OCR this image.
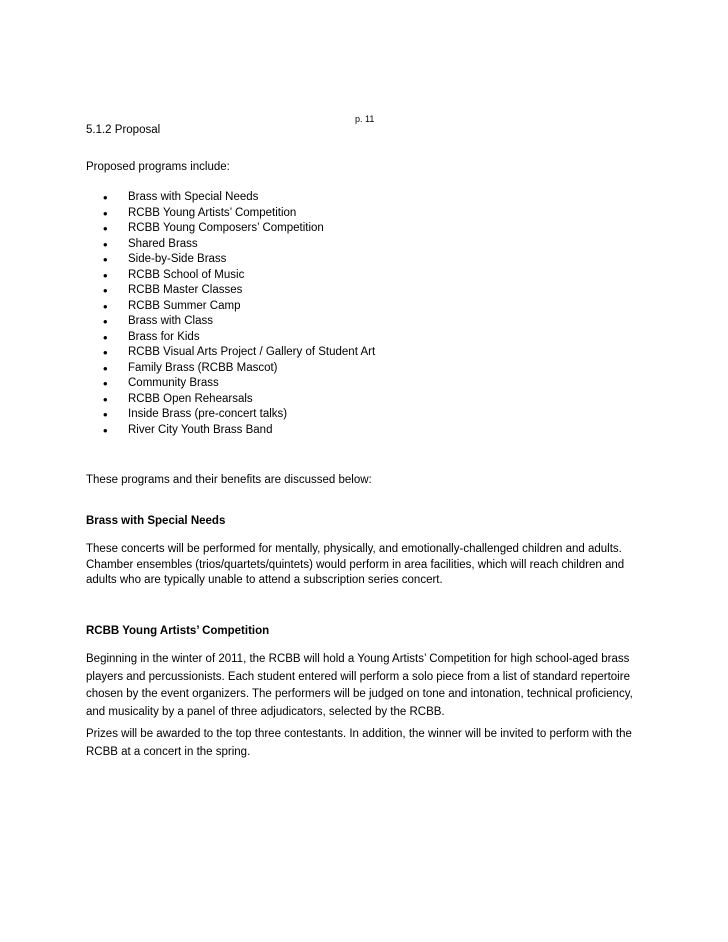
p. 11
5.1.2 Proposal
Proposed programs include:
• Brass with Special Needs
• RCBB Young Artists’ Competition
• RCBB Young Composers’ Competition
• Shared Brass
• Side-by-Side Brass
• RCBB School of Music
• RCBB Master Classes
• RCBB Summer Camp
• Brass with Class
• Brass for Kids
• RCBB Visual Arts Project / Gallery of Student Art
• Family Brass (RCBB Mascot)
• Community Brass
• RCBB Open Rehearsals
• Inside Brass (pre-concert talks)
• River City Youth Brass Band
These programs and their benefits are discussed below:
Brass with Special Needs
These concerts will be performed for mentally, physically, and emotionally-challenged children and adults. Chamber ensembles (trios/quartets/quintets) would perform in area facilities, which will reach children and adults who are typically unable to attend a subscription series concert.
RCBB Young Artists’ Competition
Beginning in the winter of 2011, the RCBB will hold a Young Artists’ Competition for high school-aged brass players and percussionists. Each student entered will perform a solo piece from a list of standard repertoire chosen by the event organizers. The performers will be judged on tone and intonation, technical proficiency, and musicality by a panel of three adjudicators, selected by the RCBB.
Prizes will be awarded to the top three contestants. In addition, the winner will be invited to perform with the RCBB at a concert in the spring.
